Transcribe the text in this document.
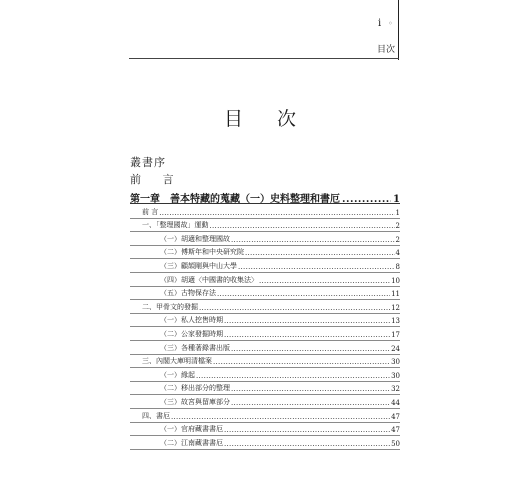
i ◦
目次
目 次
叢書序
前 言
第一章 善本特藏的蒐藏（一）史料整理和書厄 .....	1
前 言 .....	1
一、「整理國故」運動 .....	2
（一）胡適和整理國故 .....	2
（二）傅斯年和中央研究院 .....	4
（三）顧頡剛與中山大學 .....	8
（四）胡適〈中國書的收集法〉 .....	10
（五）古物保存法 .....	11
二、甲骨文的發掘 .....	12
（一）私人挖售時期 .....	13
（二）公家發掘時期 .....	17
（三）各種著錄書出版 .....	24
三、內閣大庫明清檔案 .....	30
（一）緣起 .....	30
（二）移出部分的整理 .....	32
（三）故宮與留庫部分 .....	44
四、書厄 .....	47
（一）官府藏書書厄 .....	47
（二）江南藏書書厄 .....	50
